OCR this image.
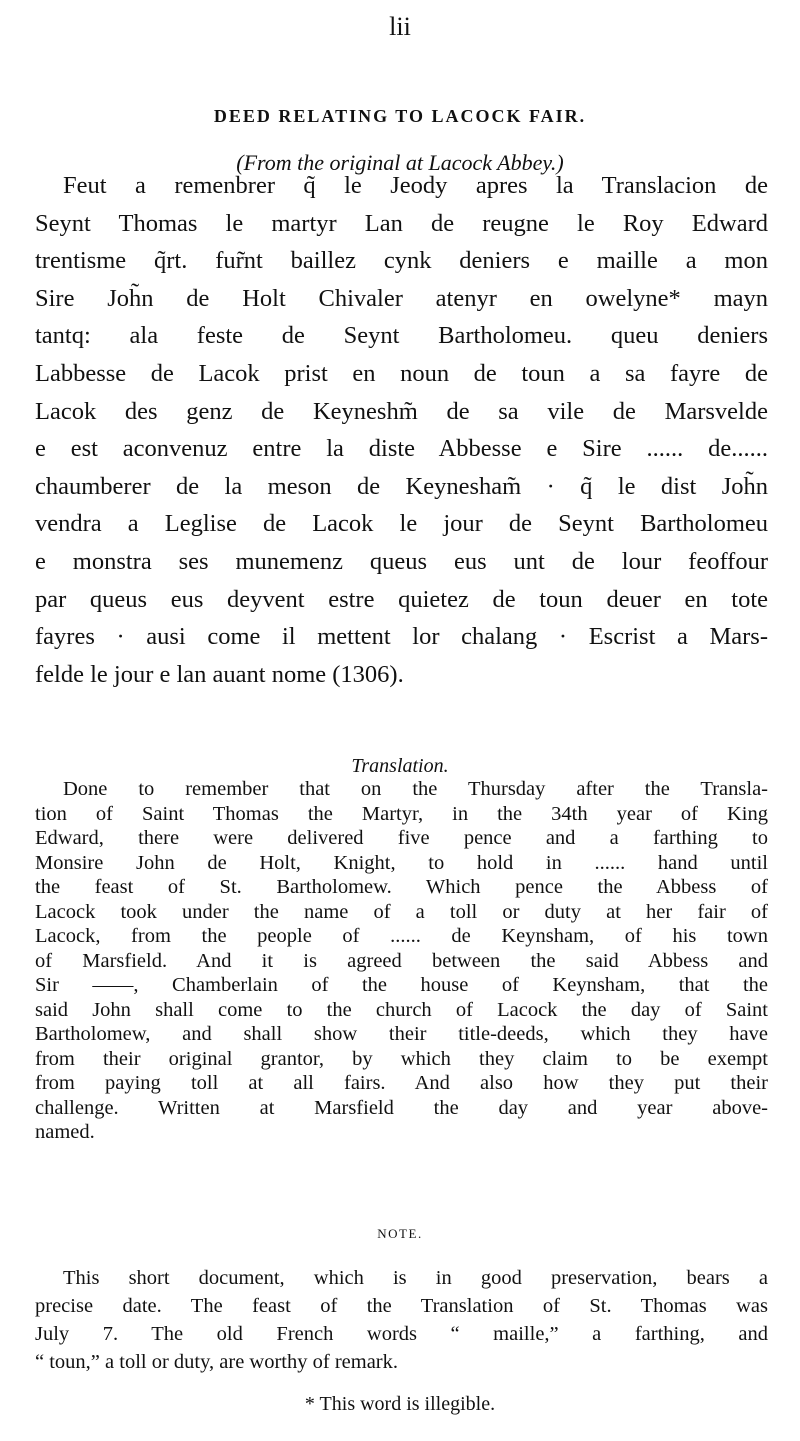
lii
DEED RELATING TO LACOCK FAIR.
(From the original at Lacock Abbey.)
Feut a remenbrer q̃ le Jeody apres la Translacion de
Seynt Thomas le martyr Lan de reugne le Roy Edward
trentisme q̃rt. fur̃nt baillez cynk deniers e maille a mon
Sire Joh̃n de Holt Chivaler atenyr en owelyne* mayn
tantq: ala feste de Seynt Bartholomeu. queu deniers
Labbesse de Lacok prist en noun de toun a sa fayre de
Lacok des genz de Keyneshm̃ de sa vile de Marsvelde
e est aconvenuz entre la diste Abbesse e Sire ...... de......
chaumberer de la meson de Keynesham̃ · q̃ le dist Joh̃n
vendra a Leglise de Lacok le jour de Seynt Bartholomeu
e monstra ses munemenz queus eus unt de lour feoffour
par queus eus deyvent estre quietez de toun deuer en tote
fayres · ausi come il mettent lor chalang · Escrist a Mars-
felde le jour e lan auant nome (1306).
Translation.
Done to remember that on the Thursday after the Transla-
tion of Saint Thomas the Martyr, in the 34th year of King
Edward, there were delivered five pence and a farthing to
Monsire John de Holt, Knight, to hold in ...... hand until
the feast of St. Bartholomew. Which pence the Abbess of
Lacock took under the name of a toll or duty at her fair of
Lacock, from the people of ...... de Keynsham, of his town
of Marsfield. And it is agreed between the said Abbess and
Sir ——, Chamberlain of the house of Keynsham, that the
said John shall come to the church of Lacock the day of Saint
Bartholomew, and shall show their title-deeds, which they have
from their original grantor, by which they claim to be exempt
from paying toll at all fairs. And also how they put their
challenge. Written at Marsfield the day and year above-
named.
NOTE.
This short document, which is in good preservation, bears a
precise date. The feast of the Translation of St. Thomas was
July 7. The old French words “ maille,” a farthing, and
“ toun,” a toll or duty, are worthy of remark.
* This word is illegible.
